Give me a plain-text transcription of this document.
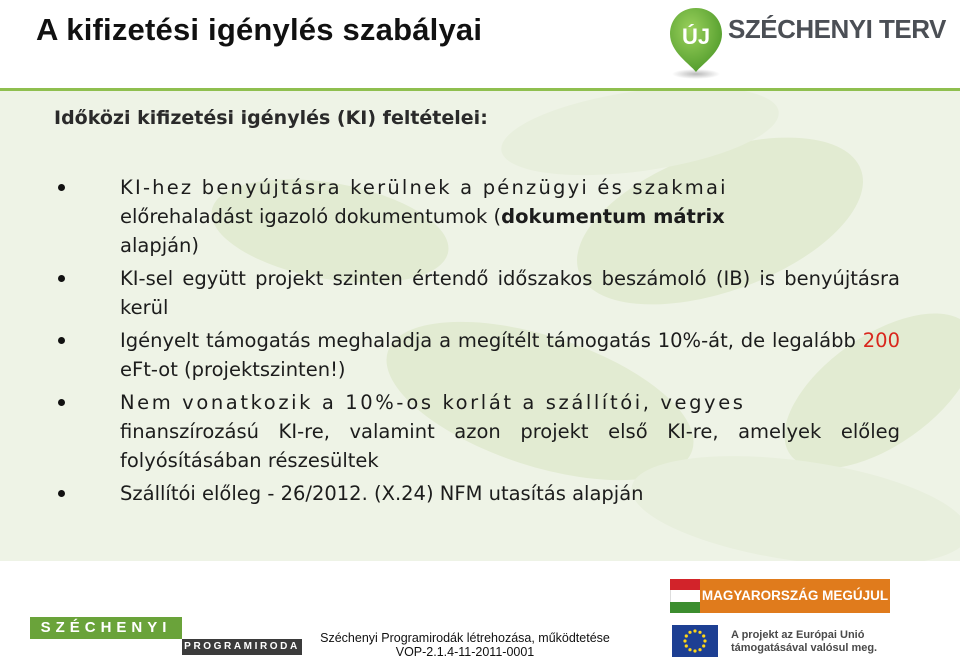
A kifizetési igénylés szabályai	ÚJ SZÉCHENYI TERV
Időközi kifizetési igénylés (KI) feltételei:
KI-hez benyújtásra kerülnek a pénzügyi és szakmai
előrehaladást igazoló dokumentumok (dokumentum mátrix
alapján)
KI-sel együtt projekt szinten értendő időszakos beszámoló (IB) is benyújtásra kerül
Igényelt támogatás meghaladja a megítélt támogatás 10%-át, de legalább 200 eFt-ot (projektszinten!)
Nem vonatkozik a 10%-os korlát a szállítói, vegyes
finanszírozású KI-re, valamint azon projekt első KI-re, amelyek előleg folyósításában részesültek
Szállítói előleg - 26/2012. (X.24) NFM utasítás alapján
SZÉCHENYI
PROGRAMIRODA
Széchenyi Programirodák létrehozása, működtetése
VOP-2.1.4-11-2011-0001
MAGYARORSZÁG MEGÚJUL
A projekt az Európai Unió
támogatásával valósul meg.
